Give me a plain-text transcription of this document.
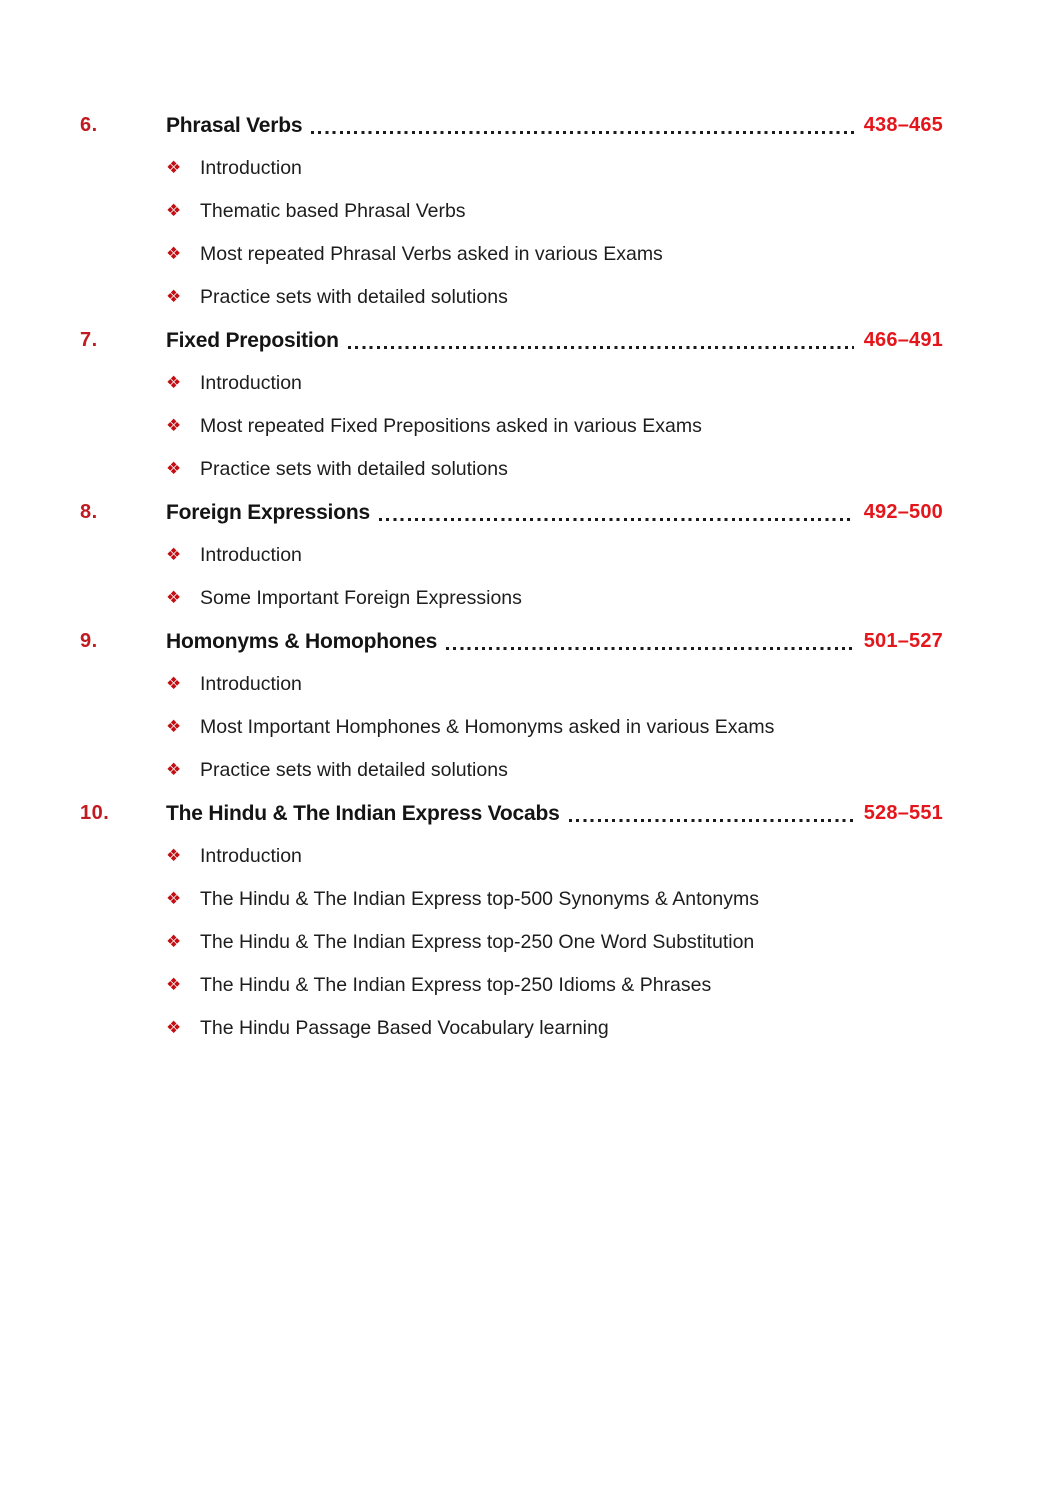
6.	Phrasal Verbs	438–465
❖ Introduction
❖ Thematic based Phrasal Verbs
❖ Most repeated Phrasal Verbs asked in various Exams
❖ Practice sets with detailed solutions
7.	Fixed Preposition	466–491
❖ Introduction
❖ Most repeated Fixed Prepositions asked in various Exams
❖ Practice sets with detailed solutions
8.	Foreign Expressions	492–500
❖ Introduction
❖ Some Important Foreign Expressions
9.	Homonyms & Homophones	501–527
❖ Introduction
❖ Most Important Homphones & Homonyms asked in various Exams
❖ Practice sets with detailed solutions
10.	The Hindu & The Indian Express Vocabs	528–551
❖ Introduction
❖ The Hindu & The Indian Express top-500 Synonyms & Antonyms
❖ The Hindu & The Indian Express top-250 One Word Substitution
❖ The Hindu & The Indian Express top-250 Idioms & Phrases
❖ The Hindu Passage Based Vocabulary learning
